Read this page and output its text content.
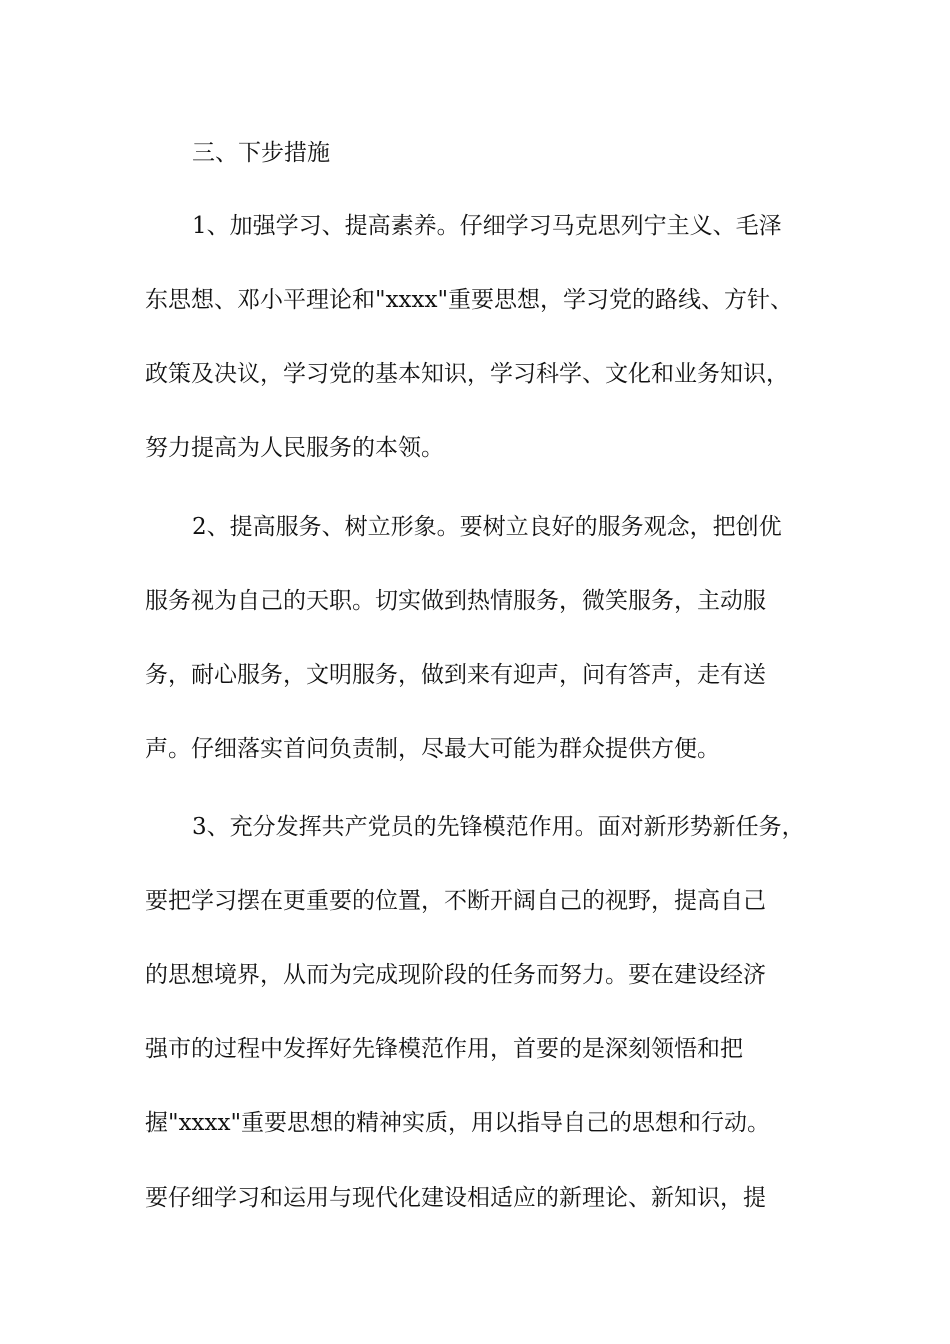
三、下步措施
1、加强学习、提高素养。仔细学习马克思列宁主义、毛泽
东思想、邓小平理论和"xxxx"重要思想，学习党的路线、方针、
政策及决议，学习党的基本知识，学习科学、文化和业务知识，
努力提高为人民服务的本领。
2、提高服务、树立形象。要树立良好的服务观念，把创优
服务视为自己的天职。切实做到热情服务，微笑服务，主动服
务，耐心服务，文明服务，做到来有迎声，问有答声，走有送
声。仔细落实首问负责制，尽最大可能为群众提供方便。
3、充分发挥共产党员的先锋模范作用。面对新形势新任务，
要把学习摆在更重要的位置，不断开阔自己的视野，提高自己
的思想境界，从而为完成现阶段的任务而努力。要在建设经济
强市的过程中发挥好先锋模范作用，首要的是深刻领悟和把
握"xxxx"重要思想的精神实质，用以指导自己的思想和行动。
要仔细学习和运用与现代化建设相适应的新理论、新知识，提
